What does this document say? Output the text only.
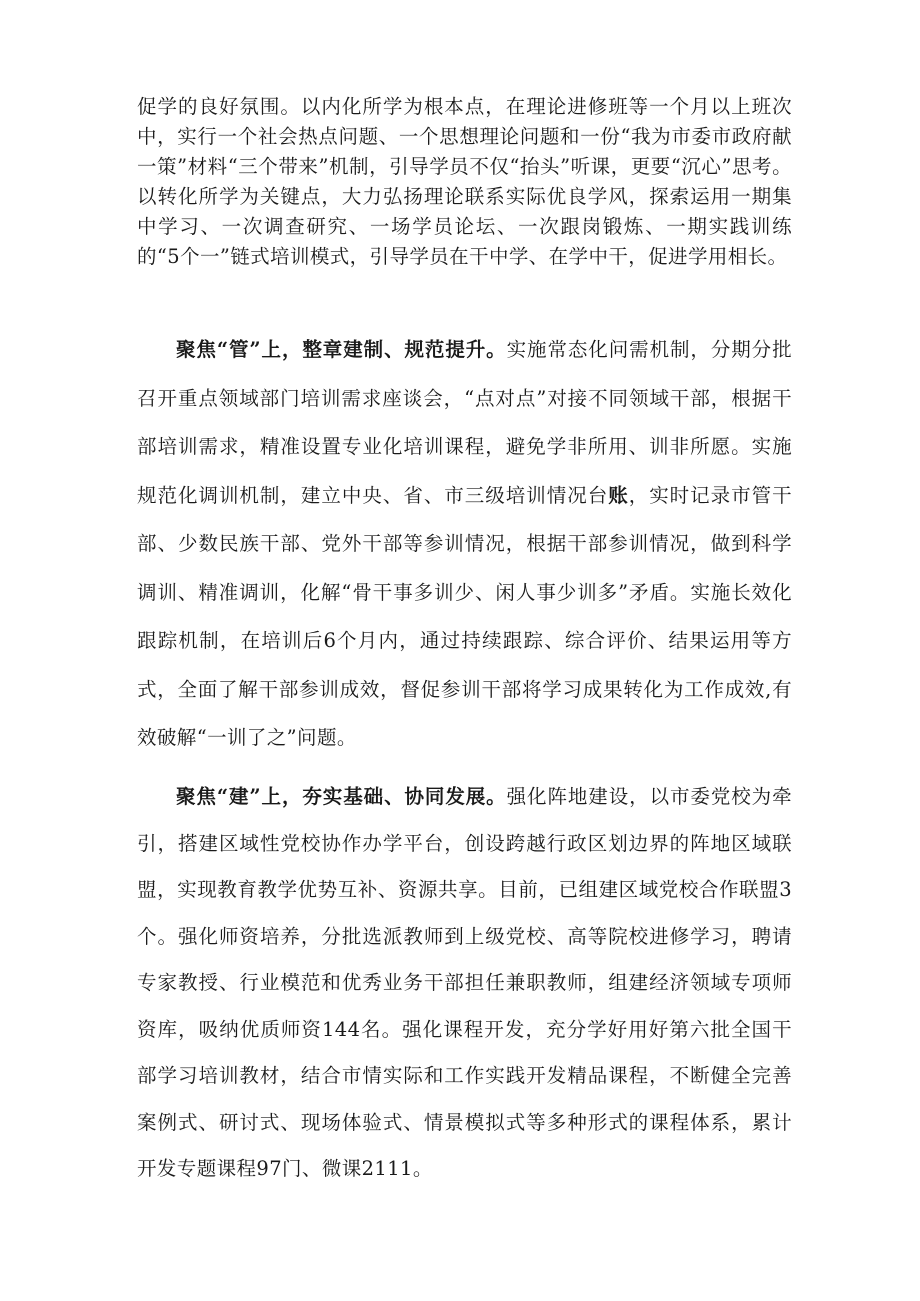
促学的良好氛围。以内化所学为根本点，在理论进修班等一个月以上班次中，实行一个社会热点问题、一个思想理论问题和一份“我为市委市政府献一策”材料“三个带来”机制，引导学员不仅“抬头”听课，更要“沉心”思考。以转化所学为关键点，大力弘扬理论联系实际优良学风，探索运用一期集中学习、一次调查研究、一场学员论坛、一次跟岗锻炼、一期实践训练的“5个一”链式培训模式，引导学员在干中学、在学中干，促进学用相长。

聚焦“管”上，整章建制、规范提升。实施常态化问需机制，分期分批召开重点领域部门培训需求座谈会，“点对点”对接不同领域干部，根据干部培训需求，精准设置专业化培训课程，避免学非所用、训非所愿。实施规范化调训机制，建立中央、省、市三级培训情况台账，实时记录市管干部、少数民族干部、党外干部等参训情况，根据干部参训情况，做到科学调训、精准调训，化解“骨干事多训少、闲人事少训多”矛盾。实施长效化跟踪机制，在培训后6个月内，通过持续跟踪、综合评价、结果运用等方式，全面了解干部参训成效，督促参训干部将学习成果转化为工作成效,有效破解“一训了之”问题。

聚焦“建”上，夯实基础、协同发展。强化阵地建设，以市委党校为牵引，搭建区域性党校协作办学平台，创设跨越行政区划边界的阵地区域联盟，实现教育教学优势互补、资源共享。目前，已组建区域党校合作联盟3个。强化师资培养，分批选派教师到上级党校、高等院校进修学习，聘请专家教授、行业模范和优秀业务干部担任兼职教师，组建经济领域专项师资库，吸纳优质师资144名。强化课程开发，充分学好用好第六批全国干部学习培训教材，结合市情实际和工作实践开发精品课程，不断健全完善案例式、研讨式、现场体验式、情景模拟式等多种形式的课程体系，累计开发专题课程97门、微课2111。
